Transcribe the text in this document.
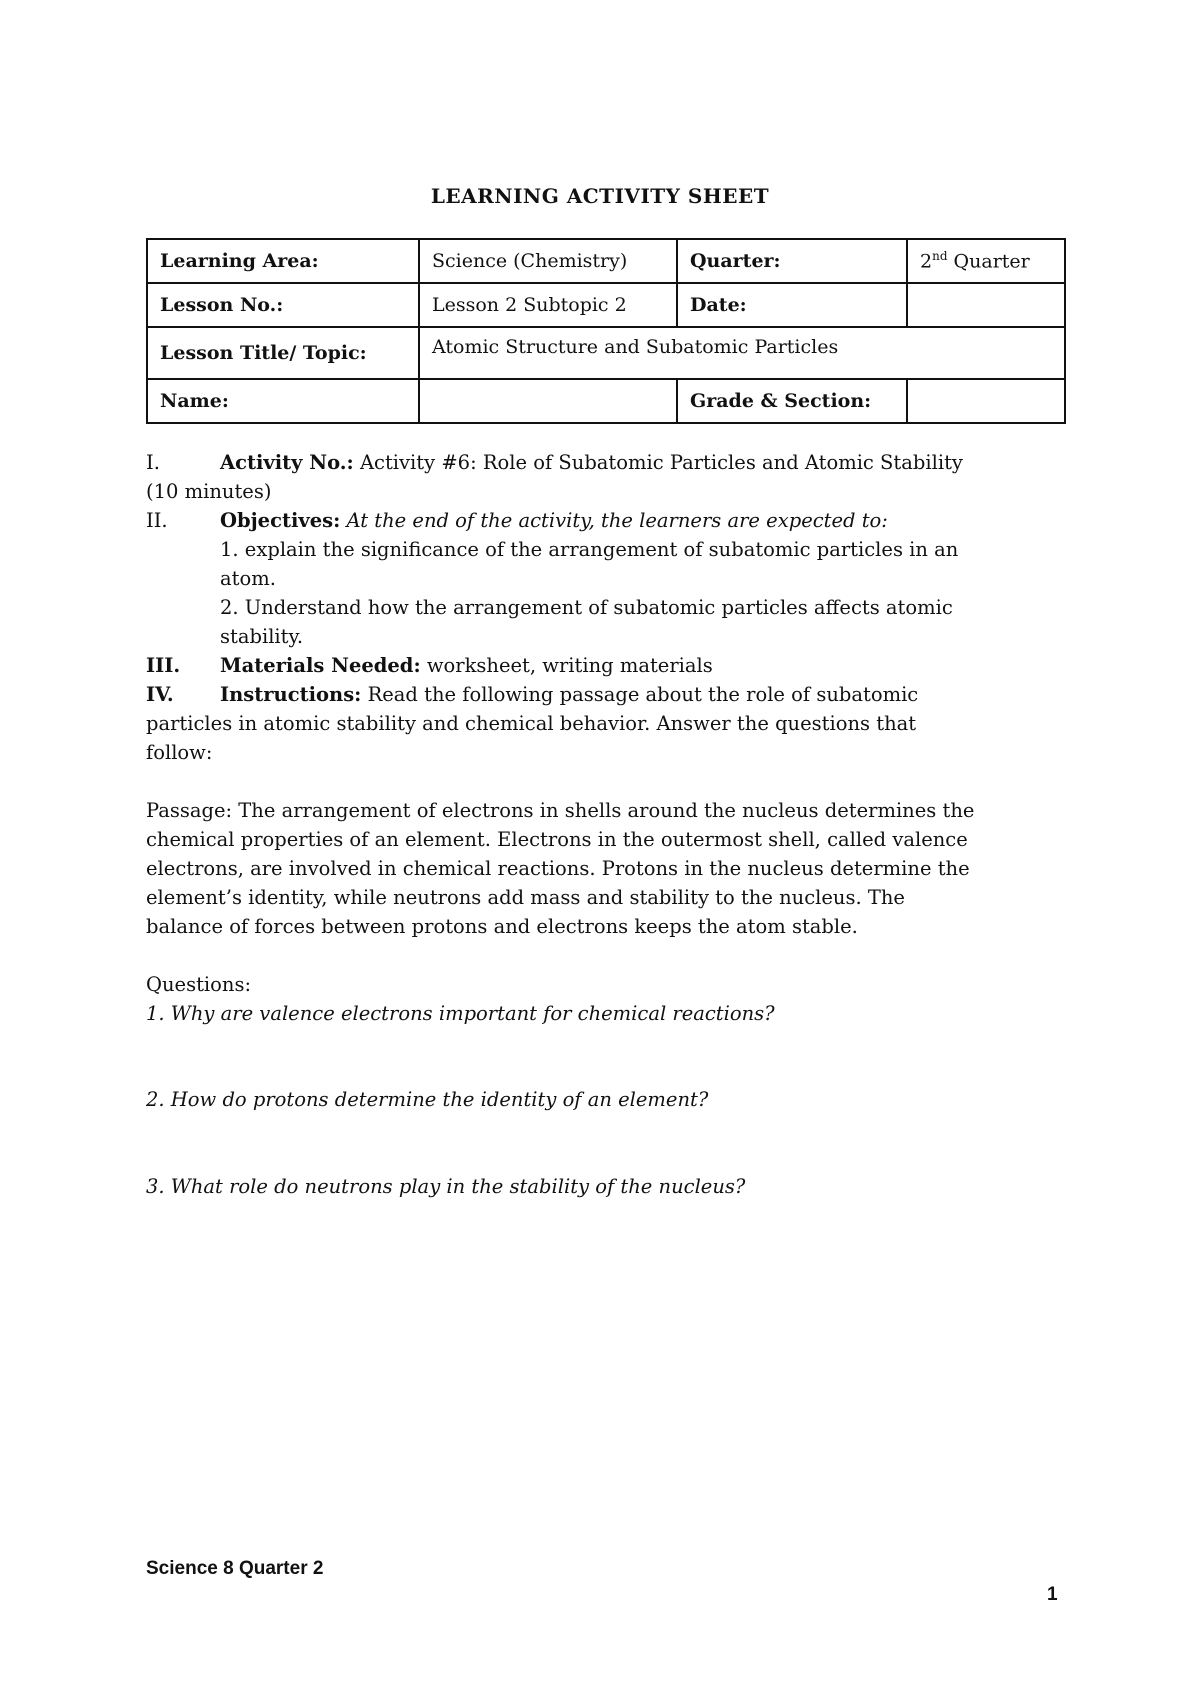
LEARNING ACTIVITY SHEET
Learning Area:	Science (Chemistry)	Quarter:	2nd Quarter
Lesson No.:	Lesson 2 Subtopic 2	Date:	
Lesson Title/ Topic:	Atomic Structure and Subatomic Particles		
Name:		Grade & Section:	
I.	Activity No.: Activity #6: Role of Subatomic Particles and Atomic Stability
(10 minutes)
II.	Objectives: At the end of the activity, the learners are expected to:
1. explain the significance of the arrangement of subatomic particles in an
atom.
2. Understand how the arrangement of subatomic particles affects atomic
stability.
III. Materials Needed: worksheet, writing materials
IV. Instructions: Read the following passage about the role of subatomic
particles in atomic stability and chemical behavior. Answer the questions that
follow:
Passage: The arrangement of electrons in shells around the nucleus determines the
chemical properties of an element. Electrons in the outermost shell, called valence
electrons, are involved in chemical reactions. Protons in the nucleus determine the
element’s identity, while neutrons add mass and stability to the nucleus. The
balance of forces between protons and electrons keeps the atom stable.
Questions:
1. Why are valence electrons important for chemical reactions?
2. How do protons determine the identity of an element?
3. What role do neutrons play in the stability of the nucleus?
Science 8 Quarter 2
1
